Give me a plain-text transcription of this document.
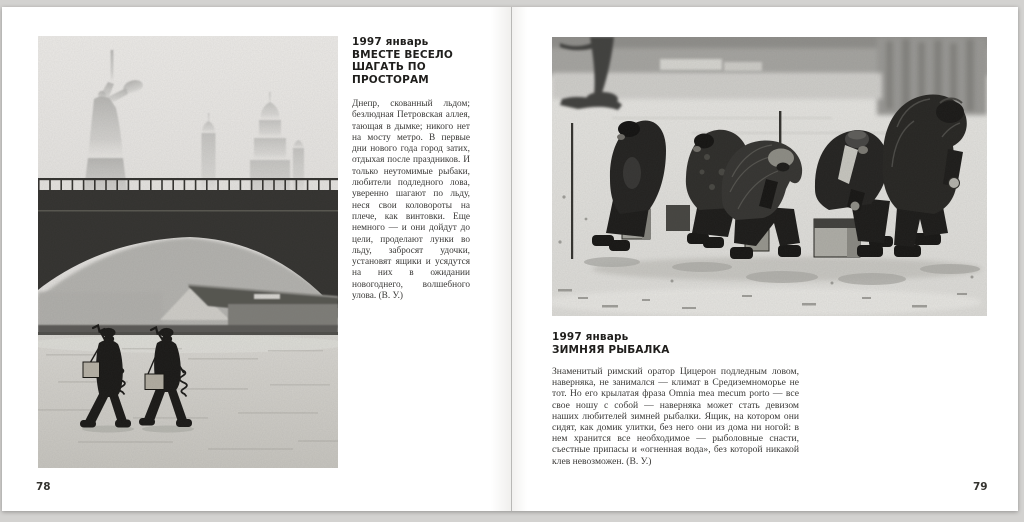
1997 январь
ВМЕСТЕ ВЕСЕЛО
ШАГАТЬ ПО
ПРОСТОРАМ

Днепр, скованный льдом; безлюдная Петровская аллея, тающая в дымке; никого нет на мосту метро. В первые дни нового года город затих, отдыхая после праздников. И только неутомимые рыбаки, любители подледного лова, уверенно шагают по льду, неся свои коловороты на плече, как винтовки. Еще немного — и они дойдут до цели, проделают лунки во льду, забросят удочки, установят ящики и усядутся на них в ожидании новогоднего, волшебного улова. (В. У.)

78
1997 январь
ЗИМНЯЯ РЫБАЛКА

Знаменитый римский оратор Цицерон подледным ловом, наверняка, не занимался — климат в Средиземноморье не тот. Но его крылатая фраза Omnia mea mecum porto — все свое ношу с собой — наверняка может стать девизом наших любителей зимней рыбалки. Ящик, на котором они сидят, как домик улитки, без него они из дома ни ногой: в нем хранится все необходимое — рыболовные снасти, съестные припасы и «огненная вода», без которой никакой клев невозможен. (В. У.)

79
